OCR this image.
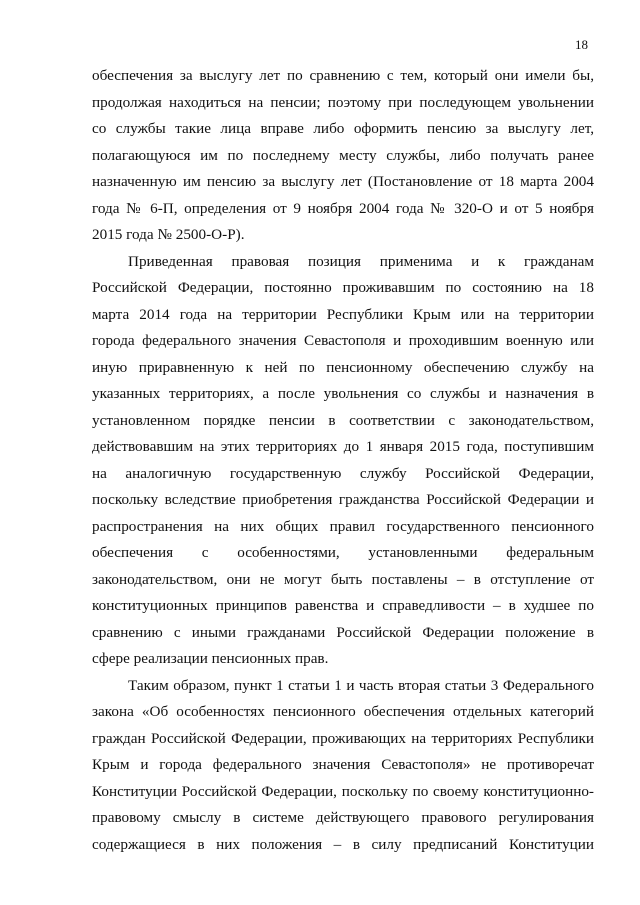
18
обеспечения за выслугу лет по сравнению с тем, который они имели бы,
продолжая находиться на пенсии; поэтому при последующем увольнении
со службы такие лица вправе либо оформить пенсию за выслугу лет,
полагающуюся им по последнему месту службы, либо получать ранее
назначенную им пенсию за выслугу лет (Постановление от 18 марта 2004
года № 6-П, определения от 9 ноября 2004 года № 320-О и от 5 ноября
2015 года № 2500-О-Р).
Приведенная правовая позиция применима и к гражданам
Российской Федерации, постоянно проживавшим по состоянию на 18
марта 2014 года на территории Республики Крым или на территории
города федерального значения Севастополя и проходившим военную или
иную приравненную к ней по пенсионному обеспечению службу на
указанных территориях, а после увольнения со службы и назначения в
установленном порядке пенсии в соответствии с законодательством,
действовавшим на этих территориях до 1 января 2015 года, поступившим
на аналогичную государственную службу Российской Федерации,
поскольку вследствие приобретения гражданства Российской Федерации и
распространения на них общих правил государственного пенсионного
обеспечения с особенностями, установленными федеральным
законодательством, они не могут быть поставлены – в отступление от
конституционных принципов равенства и справедливости – в худшее по
сравнению с иными гражданами Российской Федерации положение в
сфере реализации пенсионных прав.
Таким образом, пункт 1 статьи 1 и часть вторая статьи 3 Федерального
закона «Об особенностях пенсионного обеспечения отдельных категорий
граждан Российской Федерации, проживающих на территориях Республики
Крым и города федерального значения Севастополя» не противоречат
Конституции Российской Федерации, поскольку по своему конституционно-
правовому смыслу в системе действующего правового регулирования
содержащиеся в них положения – в силу предписаний Конституции
